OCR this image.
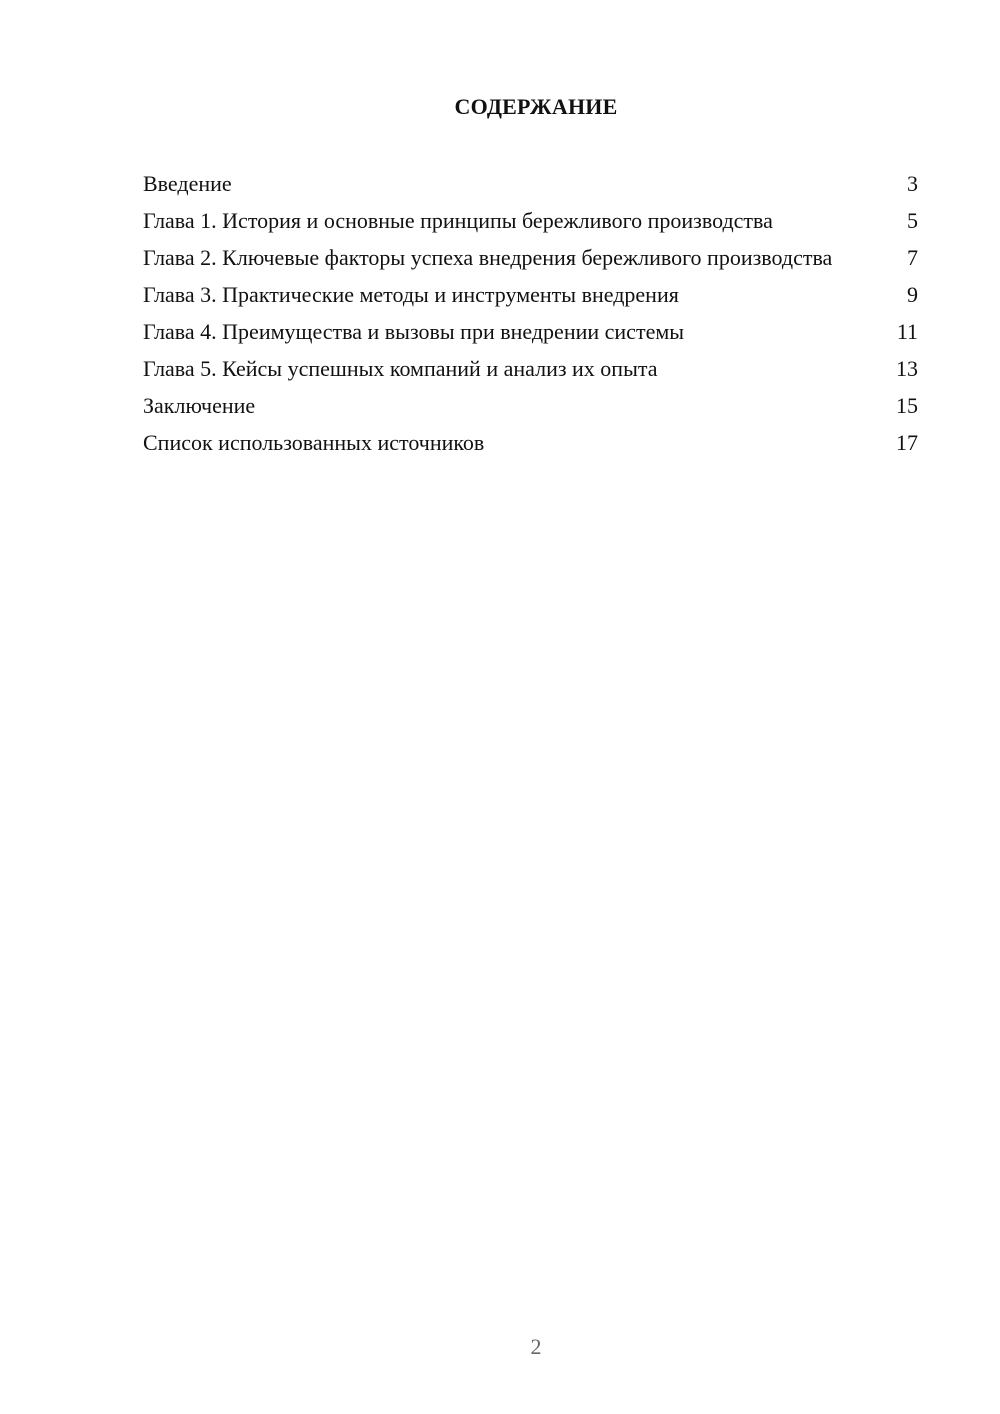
СОДЕРЖАНИЕ
Введение	3
Глава 1. История и основные принципы бережливого производства	5
Глава 2. Ключевые факторы успеха внедрения бережливого производства	7
Глава 3. Практические методы и инструменты внедрения	9
Глава 4. Преимущества и вызовы при внедрении системы	11
Глава 5. Кейсы успешных компаний и анализ их опыта	13
Заключение	15
Список использованных источников	17
2
